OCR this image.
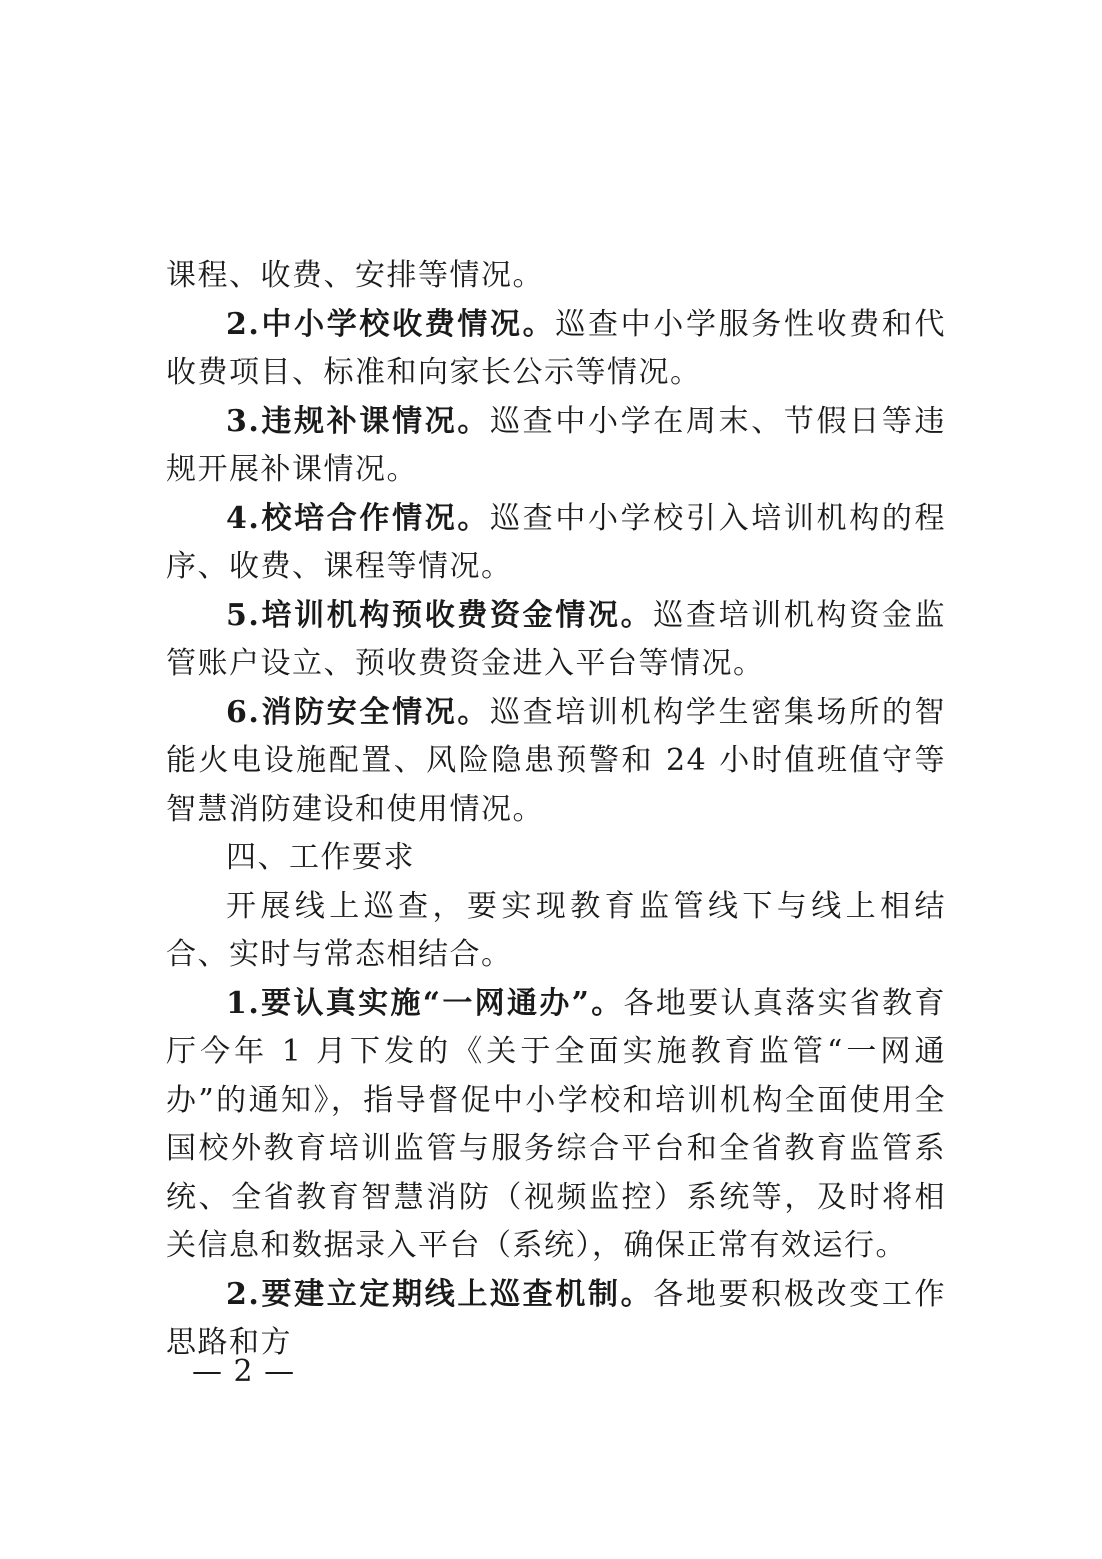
课程、收费、安排等情况。

2.中小学校收费情况。巡查中小学服务性收费和代收费项目、标准和向家长公示等情况。

3.违规补课情况。巡查中小学在周末、节假日等违规开展补课情况。

4.校培合作情况。巡查中小学校引入培训机构的程序、收费、课程等情况。

5.培训机构预收费资金情况。巡查培训机构资金监管账户设立、预收费资金进入平台等情况。

6.消防安全情况。巡查培训机构学生密集场所的智能火电设施配置、风险隐患预警和 24 小时值班值守等智慧消防建设和使用情况。

四、工作要求

开展线上巡查，要实现教育监管线下与线上相结合、实时与常态相结合。

1.要认真实施“一网通办”。各地要认真落实省教育厅今年 1 月下发的《关于全面实施教育监管“一网通办”的通知》，指导督促中小学校和培训机构全面使用全国校外教育培训监管与服务综合平台和全省教育监管系统、全省教育智慧消防（视频监控）系统等，及时将相关信息和数据录入平台（系统），确保正常有效运行。

2.要建立定期线上巡查机制。各地要积极改变工作思路和方

— 2 —
